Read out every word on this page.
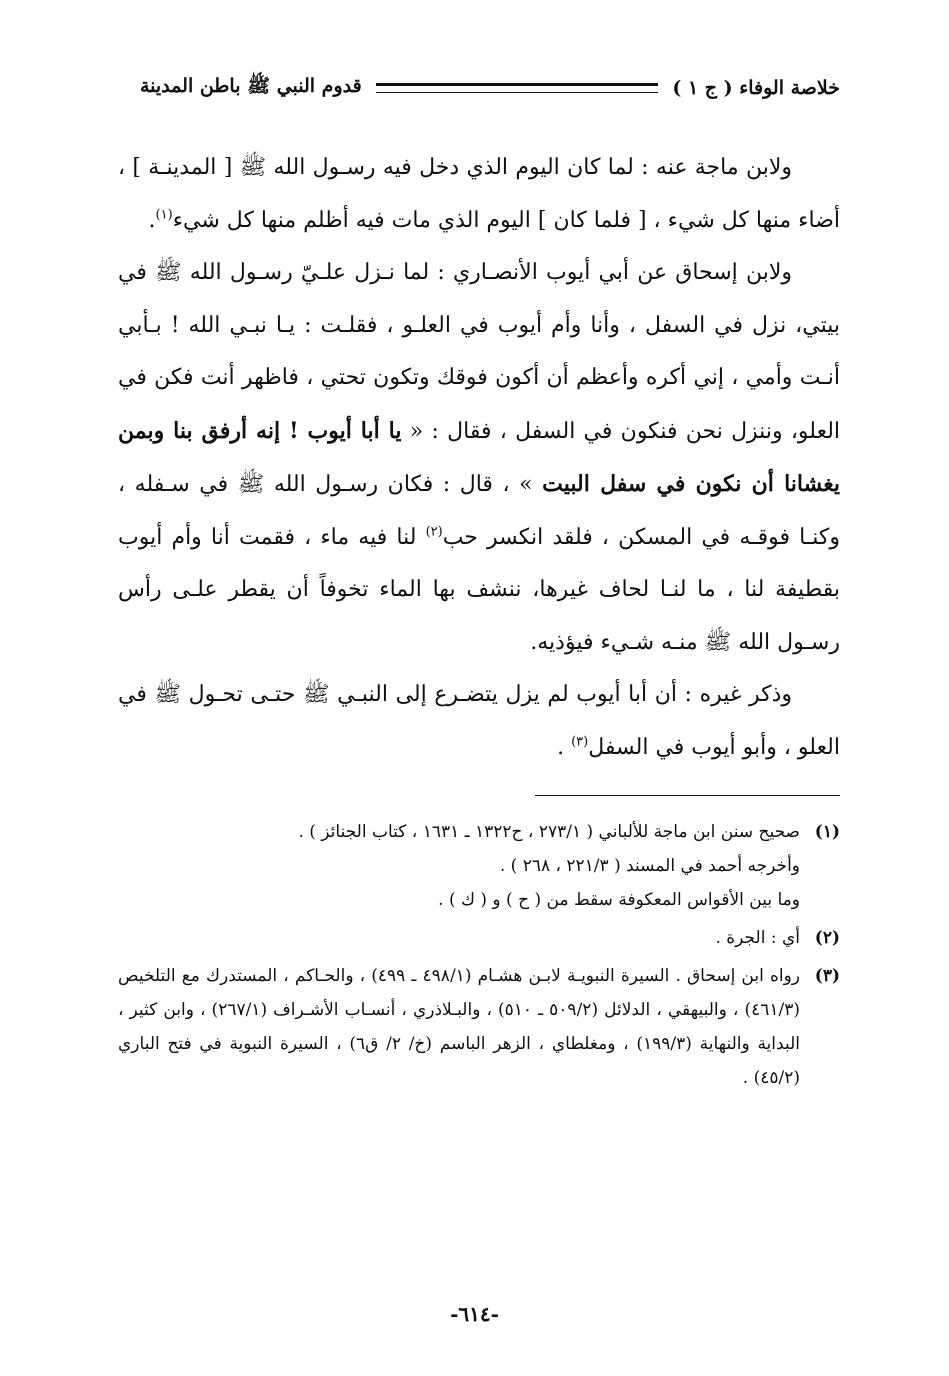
خلاصة الوفاء ( ج ١ )
قدوم النبي ﷺ باطن المدينة

ولابن ماجة عنه : لما كان اليوم الذي دخل فيه رسـول الله ﷺ [ المدينـة ] ، أضاء منها كل شيء ، [ فلما كان ] اليوم الذي مات فيه أظلم منها كل شيء$^{(١)}$.

ولابن إسحاق عن أبي أيوب الأنصـاري : لما نـزل علـيّ رسـول الله ﷺ في بيتي، نزل في السفل ، وأنا وأم أيوب في العلـو ، فقلـت : يـا نبـي الله ! بـأبي أنـت وأمي ، إني أكره وأعظم أن أكون فوقك وتكون تحتي ، فاظهر أنت فكن في العلو، وننزل نحن فنكون في السفل ، فقال : « يا أبا أيوب ! إنه أرفق بنا وبمن يغشانا أن نكون في سفل البيت » ، قال : فكان رسـول الله ﷺ في سـفله ، وكنـا فوقـه في المسكن ، فلقد انكسر حب$^{(٢)}$ لنا فيه ماء ، فقمت أنا وأم أيوب بقطيفة لنا ، ما لنـا لحاف غيرها، ننشف بها الماء تخوفاً أن يقطر علـى رأس رسـول الله ﷺ منـه شـيء فيؤذيه.

وذكر غيره : أن أبا أيوب لم يزل يتضـرع إلى النبـي ﷺ حتـى تحـول ﷺ في العلو ، وأبو أيوب في السفل$^{(٣)}$ .

(١)
صحيح سنن ابن ماجة للألباني ( ٢٧٣/١ ، ح١٣٢٢ ـ ١٦٣١ ، كتاب الجنائز ) .
وأخرجه أحمد في المسند ( ٢٢١/٣ ، ٢٦٨ ) .
وما بين الأقواس المعكوفة سقط من ( ح ) و ( ك ) .
(٢)
أي : الجرة .
(٣)
رواه ابن إسحاق . السيرة النبويـة لابـن هشـام (٤٩٨/١ ـ ٤٩٩) ، والحـاكم ، المستدرك مع التلخيص (٤٦١/٣) ، والبيهقي ، الدلائل (٥٠٩/٢ ـ ٥١٠) ، والبـلاذري ، أنسـاب الأشـراف (٢٦٧/١) ، وابن كثير ، البداية والنهاية (١٩٩/٣) ، ومغلطاي ، الزهر الباسم (خ/ ٢/ ق٦) ، السيرة النبوية في فتح الباري (٤٥/٢) .
-٦١٤-
